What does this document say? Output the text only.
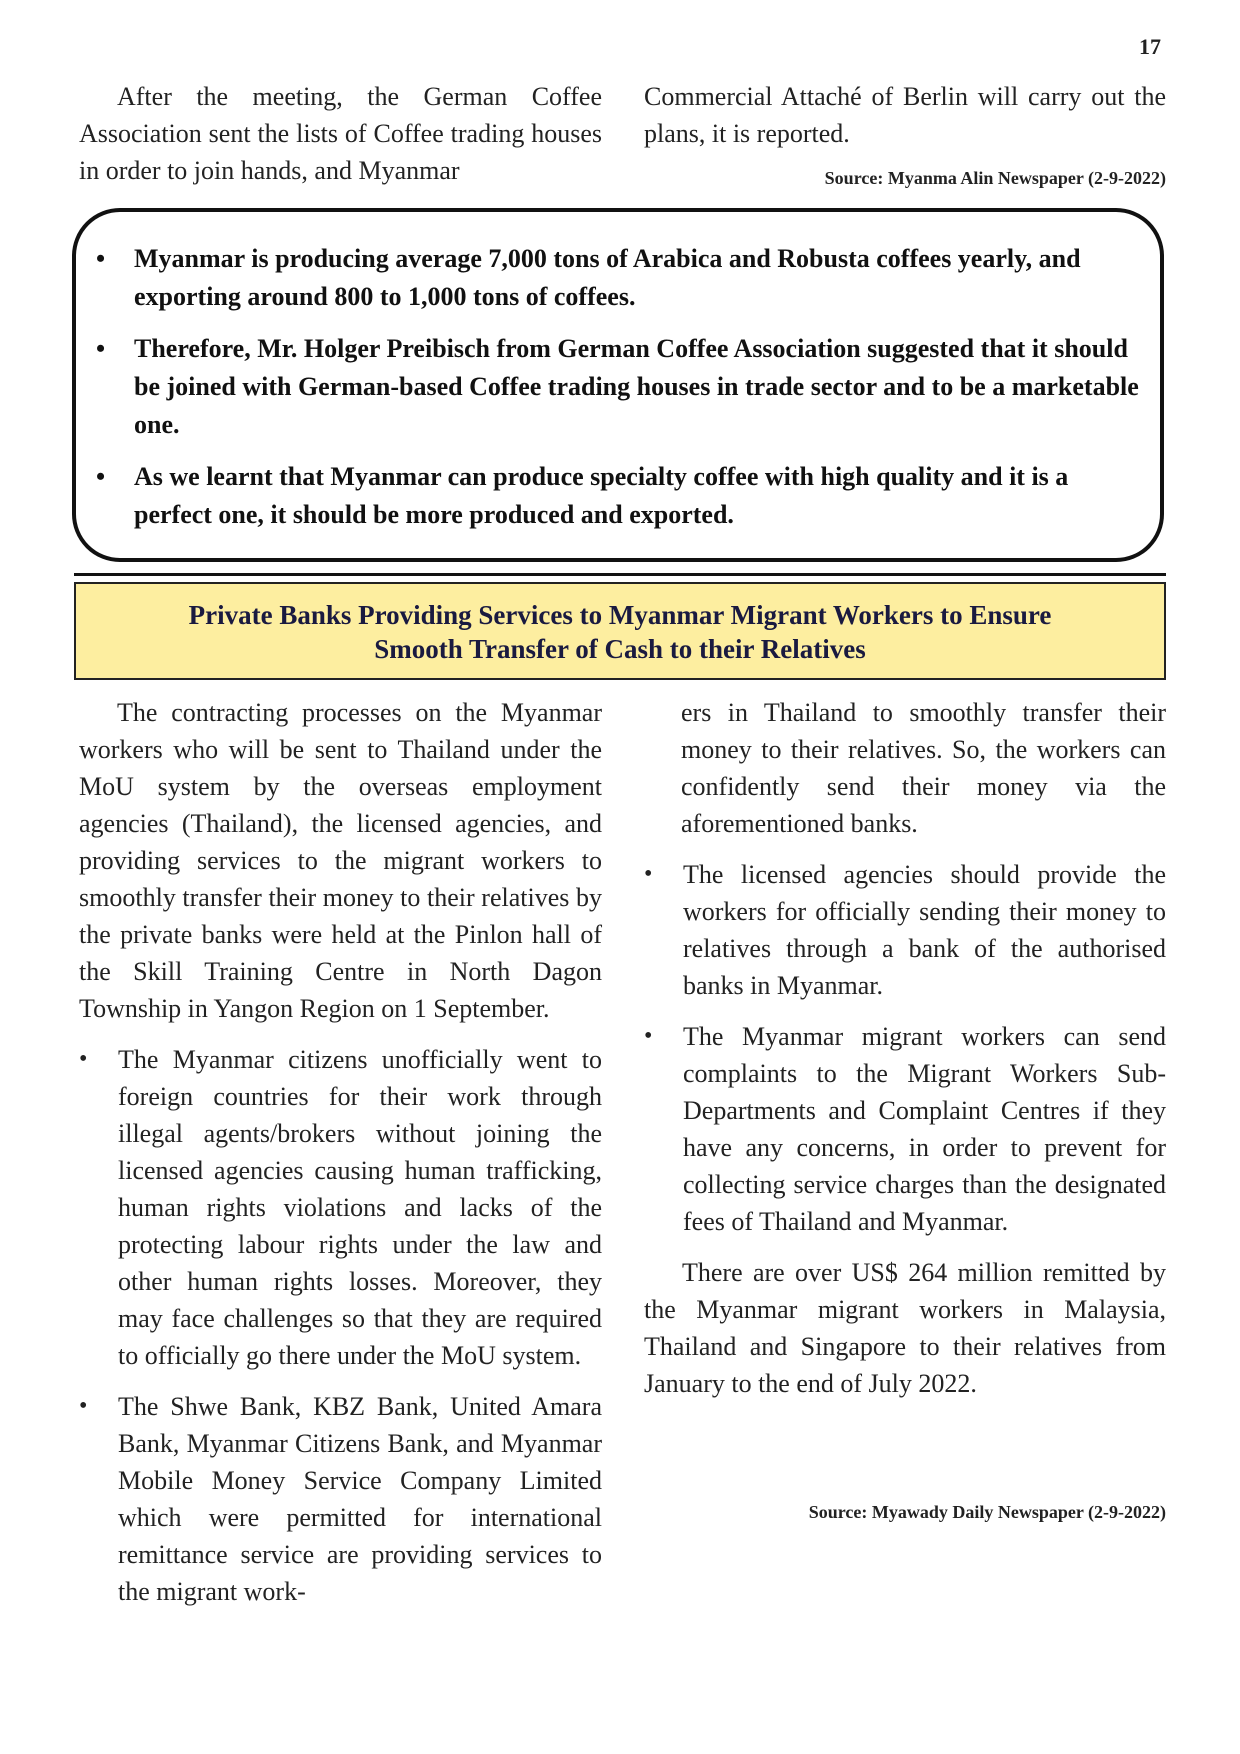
17

After the meeting, the German Coffee Association sent the lists of Coffee trading houses in order to join hands, and Myanmar

Commercial Attaché of Berlin will carry out the plans, it is reported.

Source: Myanma Alin Newspaper (2-9-2022)
• Myanmar is producing average 7,000 tons of Arabica and Robusta coffees yearly, and exporting around 800 to 1,000 tons of coffees.
• Therefore, Mr. Holger Preibisch from German Coffee Association suggested that it should be joined with German-based Coffee trading houses in trade sector and to be a marketable one.
• As we learnt that Myanmar can produce specialty coffee with high quality and it is a perfect one, it should be more produced and exported.
Private Banks Providing Services to Myanmar Migrant Workers to Ensure
Smooth Transfer of Cash to their Relatives

The contracting processes on the Myanmar workers who will be sent to Thailand under the MoU system by the overseas employment agencies (Thailand), the licensed agencies, and providing services to the migrant workers to smoothly transfer their money to their relatives by the private banks were held at the Pinlon hall of the Skill Training Centre in North Dagon Township in Yangon Region on 1 September.

• The Myanmar citizens unofficially went to foreign countries for their work through illegal agents/brokers without joining the licensed agencies causing human trafficking, human rights violations and lacks of the protecting labour rights under the law and other human rights losses. Moreover, they may face challenges so that they are required to officially go there under the MoU system.
• The Shwe Bank, KBZ Bank, United Amara Bank, Myanmar Citizens Bank, and Myanmar Mobile Money Service Company Limited which were permitted for international remittance service are providing services to the migrant work-

ers in Thailand to smoothly transfer their money to their relatives. So, the workers can confidently send their money via the aforementioned banks.

• The licensed agencies should provide the workers for officially sending their money to relatives through a bank of the authorised banks in Myanmar.
• The Myanmar migrant workers can send complaints to the Migrant Workers Sub-Departments and Complaint Centres if they have any concerns, in order to prevent for collecting service charges than the designated fees of Thailand and Myanmar.

There are over US$ 264 million remitted by the Myanmar migrant workers in Malaysia, Thailand and Singapore to their relatives from January to the end of July 2022.

Source: Myawady Daily Newspaper (2-9-2022)
